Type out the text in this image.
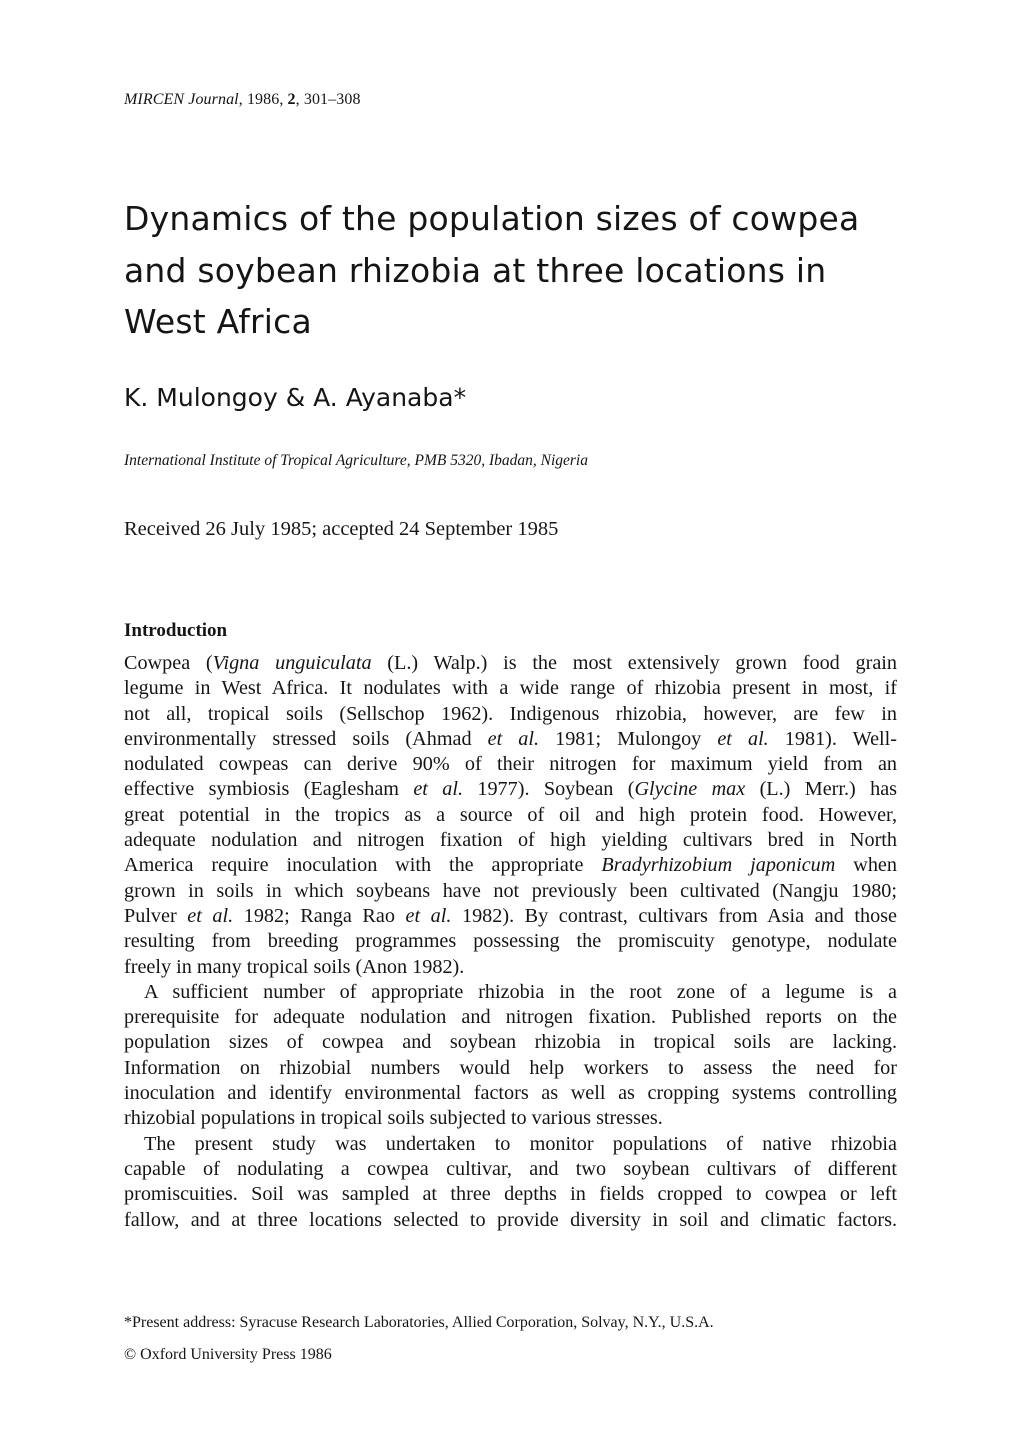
MIRCEN Journal, 1986, 2, 301–308
Dynamics of the population sizes of cowpea
and soybean rhizobia at three locations in
West Africa
K. Mulongoy & A. Ayanaba*
International Institute of Tropical Agriculture, PMB 5320, Ibadan, Nigeria
Received 26 July 1985; accepted 24 September 1985
Introduction
Cowpea (Vigna unguiculata (L.) Walp.) is the most extensively grown food grain
legume in West Africa. It nodulates with a wide range of rhizobia present in most, if
not all, tropical soils (Sellschop 1962). Indigenous rhizobia, however, are few in
environmentally stressed soils (Ahmad et al. 1981; Mulongoy et al. 1981). Well-
nodulated cowpeas can derive 90% of their nitrogen for maximum yield from an
effective symbiosis (Eaglesham et al. 1977). Soybean (Glycine max (L.) Merr.) has
great potential in the tropics as a source of oil and high protein food. However,
adequate nodulation and nitrogen fixation of high yielding cultivars bred in North
America require inoculation with the appropriate Bradyrhizobium japonicum when
grown in soils in which soybeans have not previously been cultivated (Nangju 1980;
Pulver et al. 1982; Ranga Rao et al. 1982). By contrast, cultivars from Asia and those
resulting from breeding programmes possessing the promiscuity genotype, nodulate
freely in many tropical soils (Anon 1982).
A sufficient number of appropriate rhizobia in the root zone of a legume is a
prerequisite for adequate nodulation and nitrogen fixation. Published reports on the
population sizes of cowpea and soybean rhizobia in tropical soils are lacking.
Information on rhizobial numbers would help workers to assess the need for
inoculation and identify environmental factors as well as cropping systems controlling
rhizobial populations in tropical soils subjected to various stresses.
The present study was undertaken to monitor populations of native rhizobia
capable of nodulating a cowpea cultivar, and two soybean cultivars of different
promiscuities. Soil was sampled at three depths in fields cropped to cowpea or left
fallow, and at three locations selected to provide diversity in soil and climatic factors.
*Present address: Syracuse Research Laboratories, Allied Corporation, Solvay, N.Y., U.S.A.
© Oxford University Press 1986
